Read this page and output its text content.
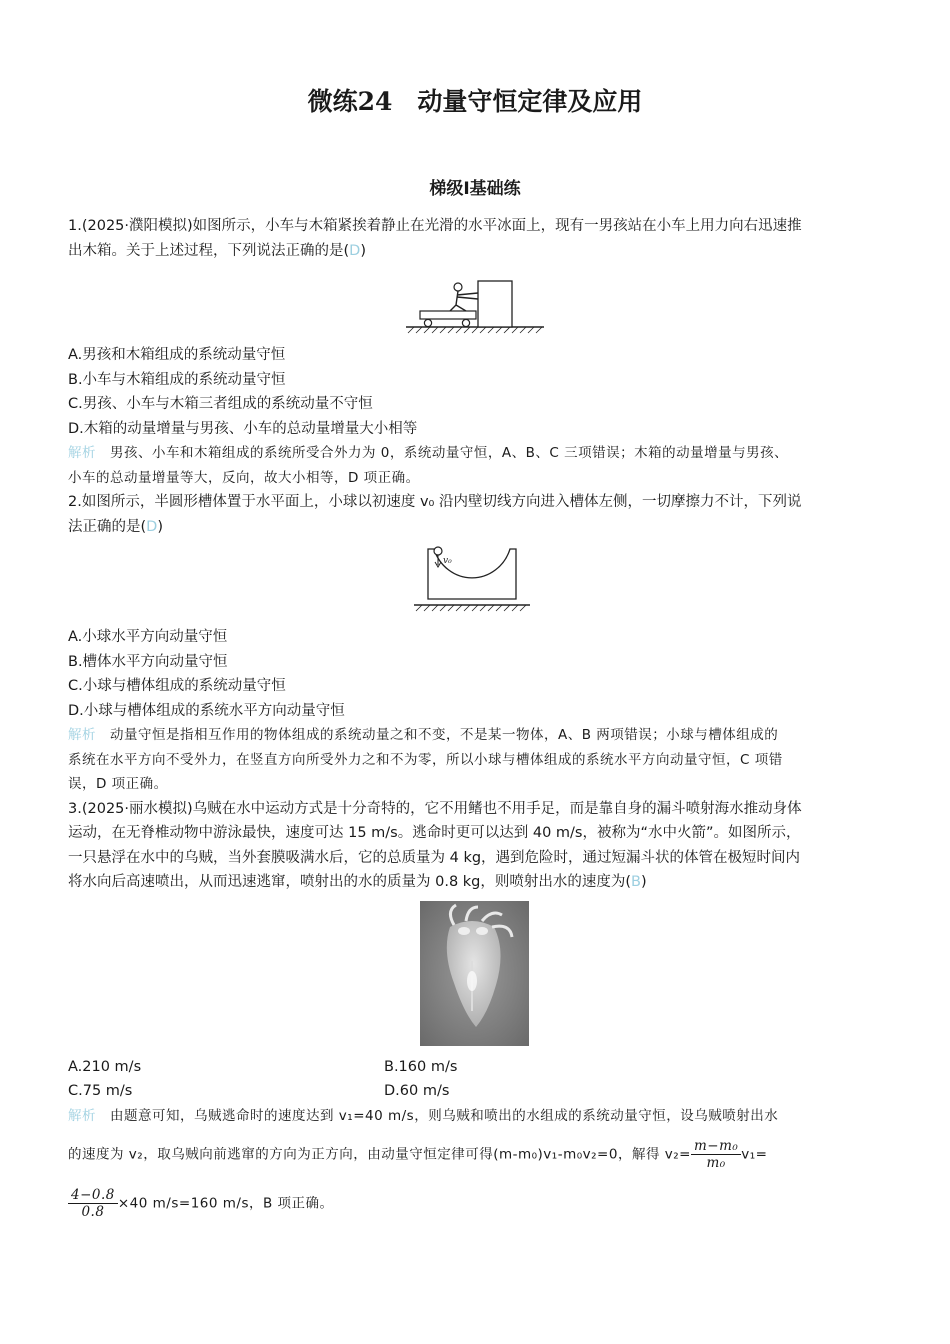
微练24　动量守恒定律及应用
梯级Ⅰ基础练

1.(2025·濮阳模拟)如图所示，小车与木箱紧挨着静止在光滑的水平冰面上，现有一男孩站在小车上用力向右迅速推

出木箱。关于上述过程，下列说法正确的是(D)

A.男孩和木箱组成的系统动量守恒

B.小车与木箱组成的系统动量守恒

C.男孩、小车与木箱三者组成的系统动量不守恒

D.木箱的动量增量与男孩、小车的总动量增量大小相等

解析 男孩、小车和木箱组成的系统所受合外力为 0，系统动量守恒，A、B、C 三项错误；木箱的动量增量与男孩、

小车的总动量增量等大，反向，故大小相等，D 项正确。

2.如图所示，半圆形槽体置于水平面上，小球以初速度 v₀ 沿内壁切线方向进入槽体左侧，一切摩擦力不计，下列说

法正确的是(D)

v₀

A.小球水平方向动量守恒

B.槽体水平方向动量守恒

C.小球与槽体组成的系统动量守恒

D.小球与槽体组成的系统水平方向动量守恒

解析 动量守恒是指相互作用的物体组成的系统动量之和不变，不是某一物体，A、B 两项错误；小球与槽体组成的

系统在水平方向不受外力，在竖直方向所受外力之和不为零，所以小球与槽体组成的系统水平方向动量守恒，C 项错

误，D 项正确。

3.(2025·丽水模拟)乌贼在水中运动方式是十分奇特的，它不用鳍也不用手足，而是靠自身的漏斗喷射海水推动身体

运动，在无脊椎动物中游泳最快，速度可达 15 m/s。逃命时更可以达到 40 m/s，被称为“水中火箭”。如图所示，

一只悬浮在水中的乌贼，当外套膜吸满水后，它的总质量为 4 kg，遇到危险时，通过短漏斗状的体管在极短时间内

将水向后高速喷出，从而迅速逃窜，喷射出的水的质量为 0.8 kg，则喷射出水的速度为(B)

A.210 m/s	B.160 m/s
C.75 m/s	D.60 m/s

解析 由题意可知，乌贼逃命时的速度达到 v₁=40 m/s，则乌贼和喷出的水组成的系统动量守恒，设乌贼喷射出水

的速度为 v₂，取乌贼向前逃窜的方向为正方向，由动量守恒定律可得(m-m₀)v₁-m₀v₂=0，解得 $v_2= \frac{\text{m−m₀}}{\text{m₀}} v_1=$
$\frac{4-0.8}{0.8} \times 40$ m/s=160 m/s，B 项正确。
